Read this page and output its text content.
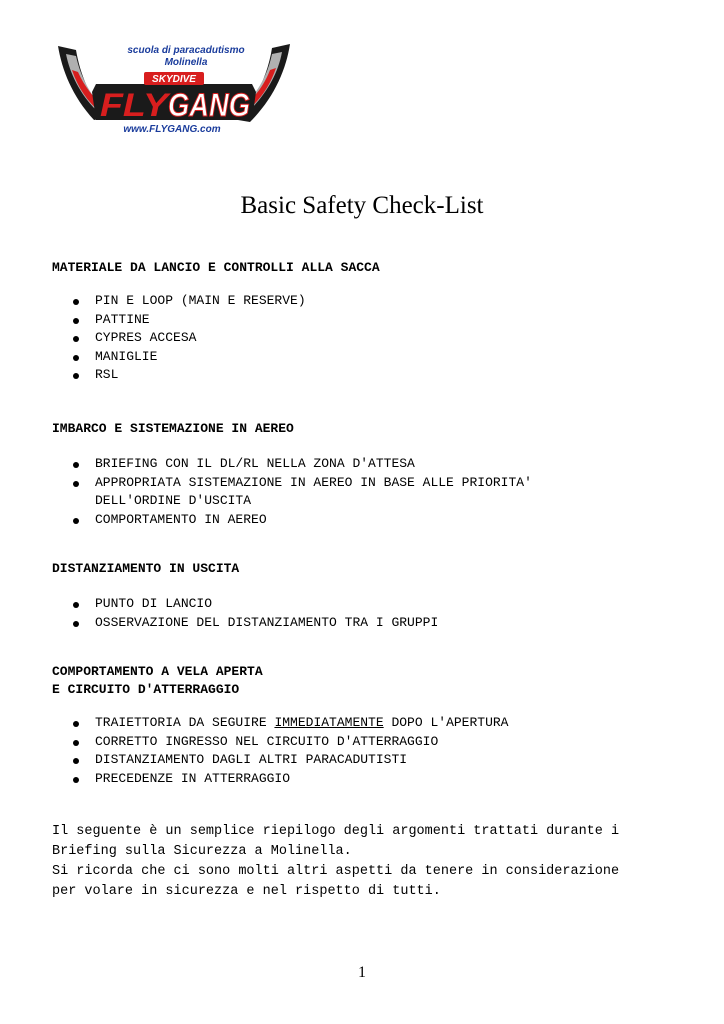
SKYDIVE
FLY
GANG
scuola di paracadutismo
Molinella
www.FLYGANG.com
Basic Safety Check-List

MATERIALE DA LANCIO E CONTROLLI ALLA SACCA

PIN E LOOP (MAIN E RESERVE)
PATTINE
CYPRES ACCESA
MANIGLIE
RSL

IMBARCO E SISTEMAZIONE IN AEREO

BRIEFING CON IL DL/RL NELLA ZONA D'ATTESA
APPROPRIATA SISTEMAZIONE IN AEREO IN BASE ALLE PRIORITA'
DELL'ORDINE D'USCITA
COMPORTAMENTO IN AEREO

DISTANZIAMENTO IN USCITA

PUNTO DI LANCIO
OSSERVAZIONE DEL DISTANZIAMENTO TRA I GRUPPI

COMPORTAMENTO A VELA APERTA

E CIRCUITO D'ATTERRAGGIO

TRAIETTORIA DA SEGUIRE IMMEDIATAMENTE DOPO L'APERTURA
CORRETTO INGRESSO NEL CIRCUITO D'ATTERRAGGIO
DISTANZIAMENTO DAGLI ALTRI PARACADUTISTI
PRECEDENZE IN ATTERRAGGIO
Il seguente è un semplice riepilogo degli argomenti trattati durante i
Briefing sulla Sicurezza a Molinella.
Si ricorda che ci sono molti altri aspetti da tenere in considerazione
per volare in sicurezza e nel rispetto di tutti.
1
